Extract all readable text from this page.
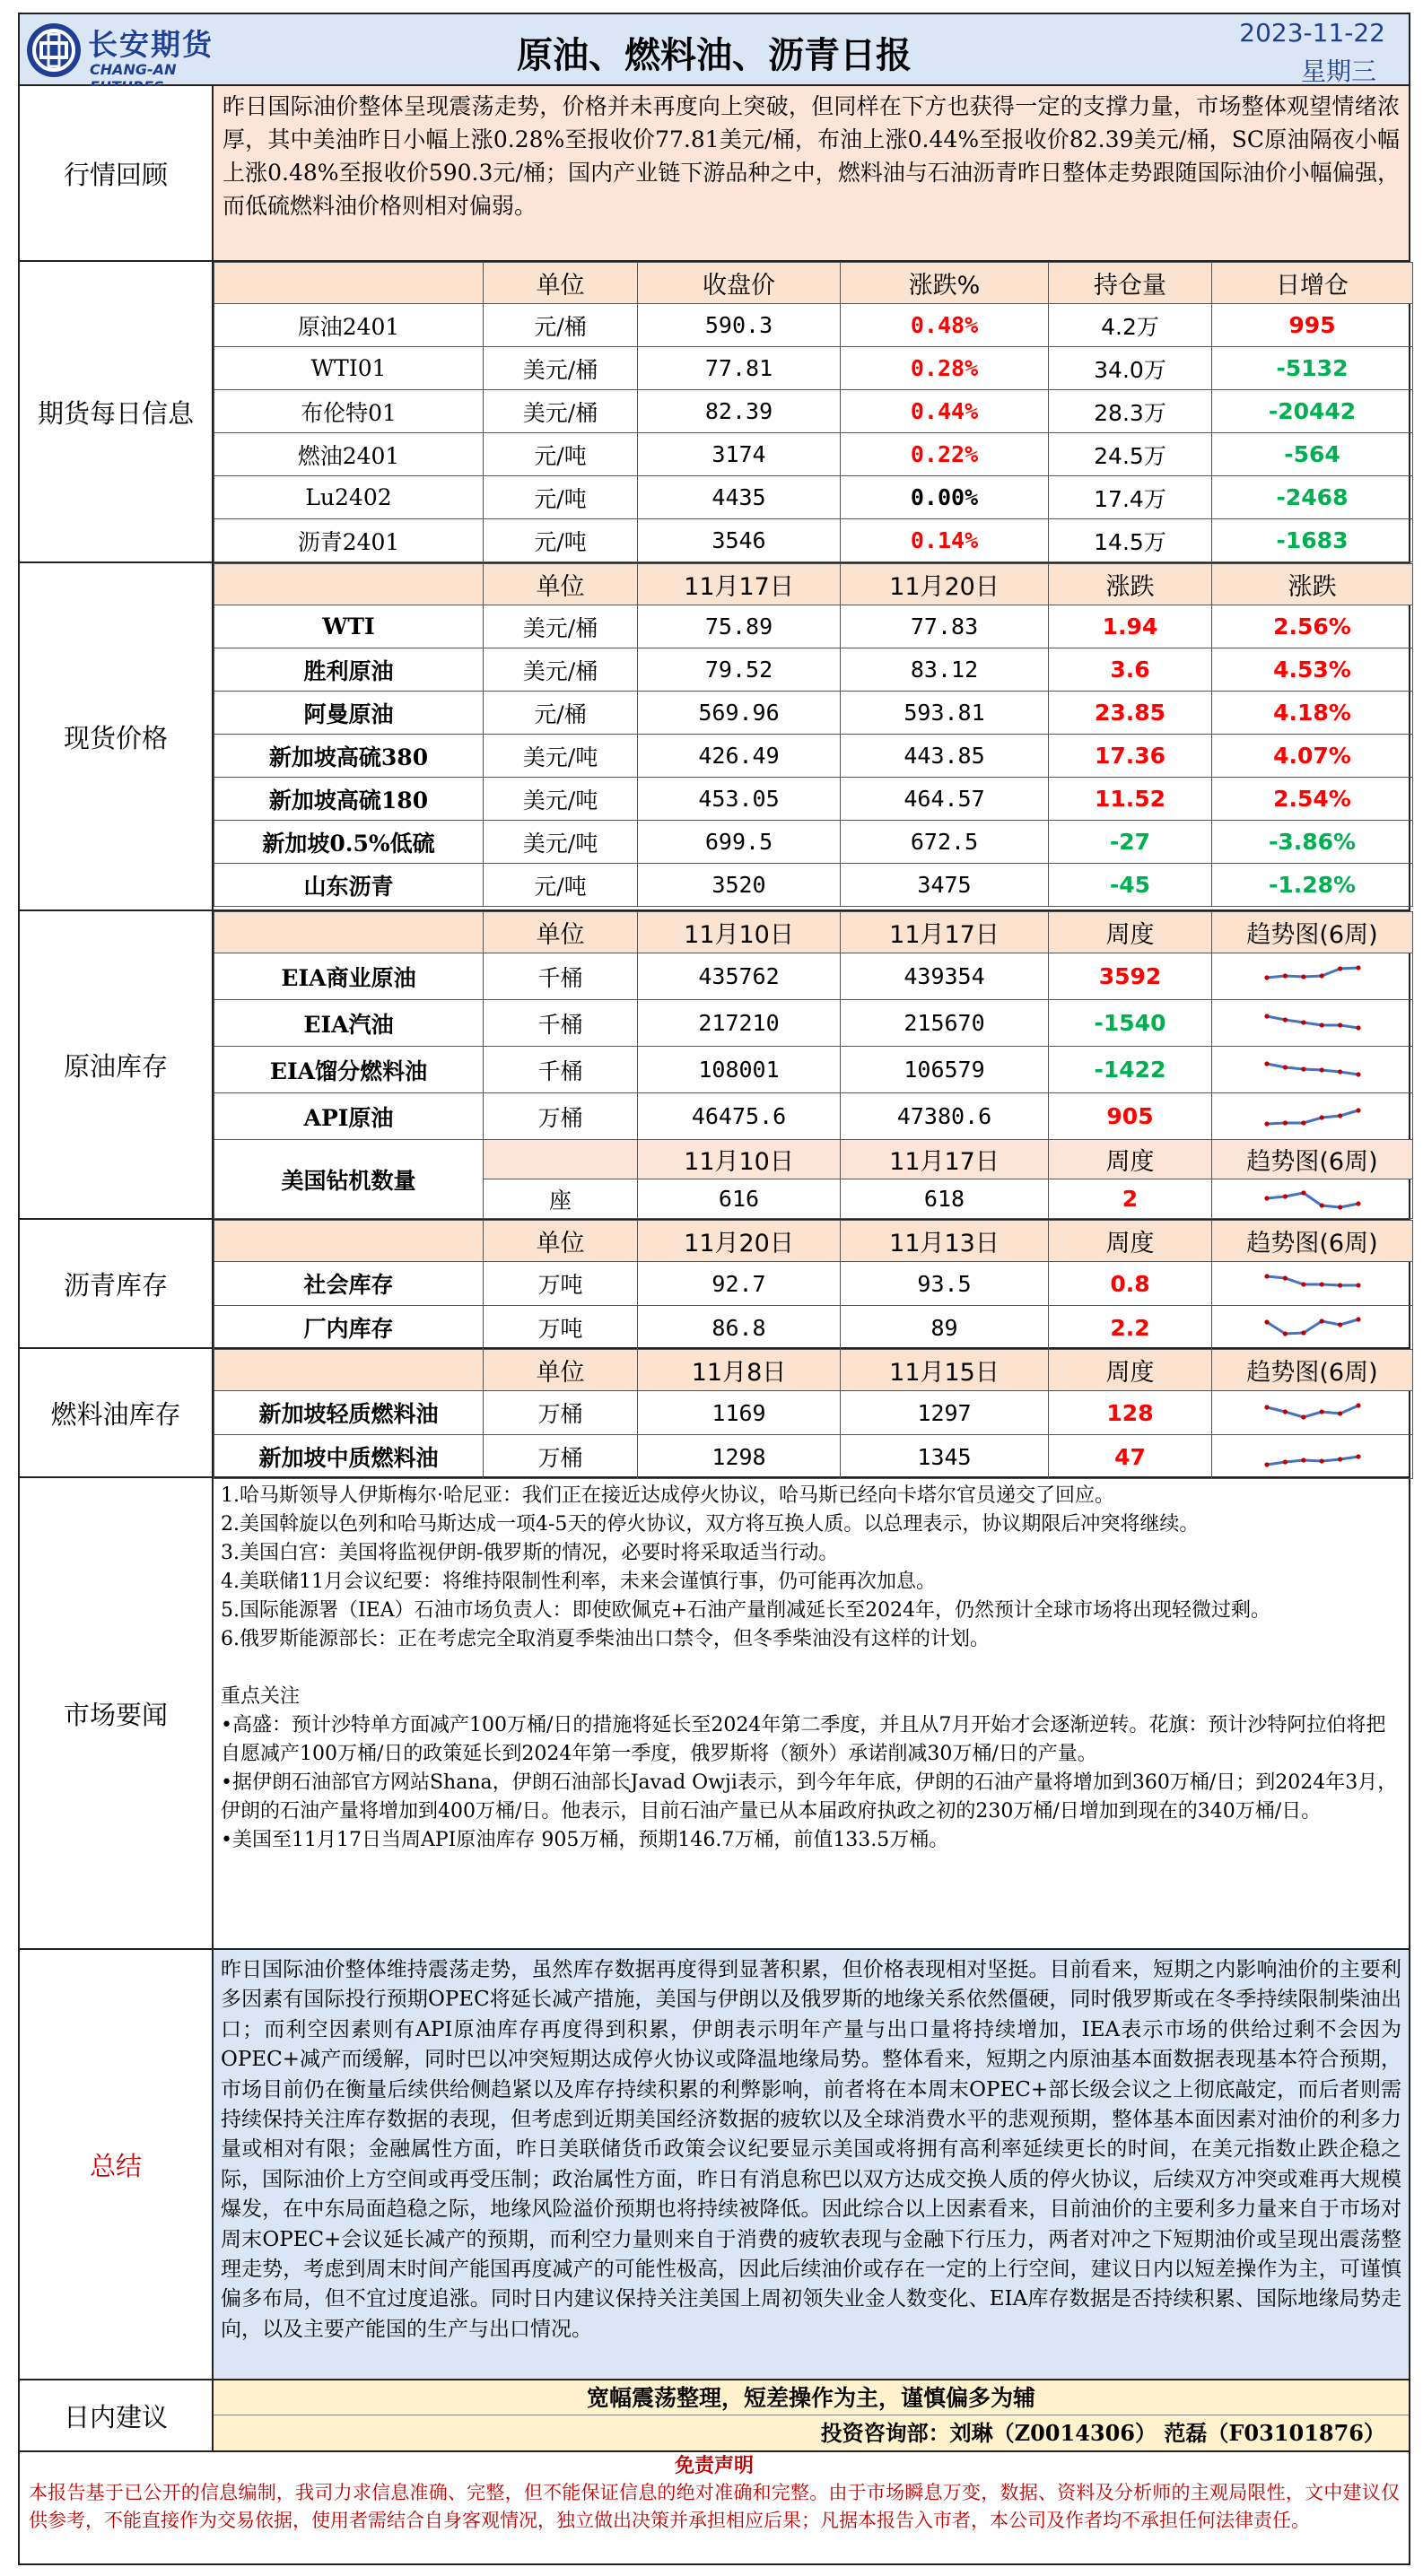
长安期货
CHANG-AN	原油、燃料油、沥青日报
2023-11-22
星期三
行情回顾
昨日国际油价整体呈现震荡走势，价格并未再度向上突破，但同样在下方也获得一定的支撑力量，市场整体观望情绪浓厚，其中美油昨日小幅上涨0.28%至报收价77.81美元/桶，布油上涨0.44%至报收价82.39美元/桶，SC原油隔夜小幅上涨0.48%至报收价590.3元/桶；国内产业链下游品种之中，燃料油与石油沥青昨日整体走势跟随国际油价小幅偏强，而低硫燃料油价格则相对偏弱。
期货每日信息
	单位	收盘价	涨跌%	持仓量	日增仓
原油2401	元/桶	590.3	0.48%	4.2万	995
WTI01	美元/桶	77.81	0.28%	34.0万	-5132
布伦特01	美元/桶	82.39	0.44%	28.3万	-20442
燃油2401	元/吨	3174	0.22%	24.5万	-564
Lu2402	元/吨	4435	0.00%	17.4万	-2468
沥青2401	元/吨	3546	0.14%	14.5万	-1683
现货价格
	单位	11月17日	11月20日	涨跌	涨跌
WTI	美元/桶	75.89	77.83	1.94	2.56%
胜利原油	美元/桶	79.52	83.12	3.6	4.53%
阿曼原油	元/桶	569.96	593.81	23.85	4.18%
新加坡高硫380	美元/吨	426.49	443.85	17.36	4.07%
新加坡高硫180	美元/吨	453.05	464.57	11.52	2.54%
新加坡0.5%低硫	美元/吨	699.5	672.5	-27	-3.86%
山东沥青	元/吨	3520	3475	-45	-1.28%
原油库存
	单位	11月10日	11月17日	周度	趋势图(6周)
EIA商业原油	千桶	435762	439354	3592	

EIA汽油	千桶	217210	215670	-1540	

EIA馏分燃料油	千桶	108001	106579	-1422	

API原油	万桶	46475.6	47380.6	905	

美国钻机数量		11月10日	11月17日	周度	趋势图(6周)
	座	616	618	2	
沥青库存
	单位	11月20日	11月13日	周度	趋势图(6周)
社会库存	万吨	92.7	93.5	0.8	

厂内库存	万吨	86.8	89	2.2	
燃料油库存
	单位	11月8日	11月15日	周度	趋势图(6周)
新加坡轻质燃料油	万桶	1169	1297	128	

新加坡中质燃料油	万桶	1298	1345	47	
市场要闻
1.哈马斯领导人伊斯梅尔·哈尼亚：我们正在接近达成停火协议，哈马斯已经向卡塔尔官员递交了回应。
2.美国斡旋以色列和哈马斯达成一项4-5天的停火协议，双方将互换人质。以总理表示，协议期限后冲突将继续。
3.美国白宫：美国将监视伊朗-俄罗斯的情况，必要时将采取适当行动。
4.美联储11月会议纪要：将维持限制性利率，未来会谨慎行事，仍可能再次加息。
5.国际能源署（IEA）石油市场负责人：即使欧佩克+石油产量削减延长至2024年，仍然预计全球市场将出现轻微过剩。
6.俄罗斯能源部长：正在考虑完全取消夏季柴油出口禁令，但冬季柴油没有这样的计划。
重点关注
•高盛：预计沙特单方面减产100万桶/日的措施将延长至2024年第二季度，并且从7月开始才会逐渐逆转。花旗：预计沙特阿拉伯将把自愿减产100万桶/日的政策延长到2024年第一季度，俄罗斯将（额外）承诺削减30万桶/日的产量。
•据伊朗石油部官方网站Shana，伊朗石油部长Javad Owji表示，到今年年底，伊朗的石油产量将增加到360万桶/日；到2024年3月，伊朗的石油产量将增加到400万桶/日。他表示，目前石油产量已从本届政府执政之初的230万桶/日增加到现在的340万桶/日。
•美国至11月17日当周API原油库存 905万桶，预期146.7万桶，前值133.5万桶。
总结
昨日国际油价整体维持震荡走势，虽然库存数据再度得到显著积累，但价格表现相对坚挺。目前看来，短期之内影响油价的主要利多因素有国际投行预期OPEC将延长减产措施，美国与伊朗以及俄罗斯的地缘关系依然僵硬，同时俄罗斯或在冬季持续限制柴油出口；而利空因素则有API原油库存再度得到积累，伊朗表示明年产量与出口量将持续增加，IEA表示市场的供给过剩不会因为OPEC+减产而缓解，同时巴以冲突短期达成停火协议或降温地缘局势。整体看来，短期之内原油基本面数据表现基本符合预期，市场目前仍在衡量后续供给侧趋紧以及库存持续积累的利弊影响，前者将在本周末OPEC+部长级会议之上彻底敲定，而后者则需持续保持关注库存数据的表现，但考虑到近期美国经济数据的疲软以及全球消费水平的悲观预期，整体基本面因素对油价的利多力量或相对有限；金融属性方面，昨日美联储货币政策会议纪要显示美国或将拥有高利率延续更长的时间，在美元指数止跌企稳之际，国际油价上方空间或再受压制；政治属性方面，昨日有消息称巴以双方达成交换人质的停火协议，后续双方冲突或难再大规模爆发，在中东局面趋稳之际，地缘风险溢价预期也将持续被降低。因此综合以上因素看来，目前油价的主要利多力量来自于市场对周末OPEC+会议延长减产的预期，而利空力量则来自于消费的疲软表现与金融下行压力，两者对冲之下短期油价或呈现出震荡整理走势，考虑到周末时间产能国再度减产的可能性极高，因此后续油价或存在一定的上行空间，建议日内以短差操作为主，可谨慎偏多布局，但不宜过度追涨。同时日内建议保持关注美国上周初领失业金人数变化、EIA库存数据是否持续积累、国际地缘局势走向，以及主要产能国的生产与出口情况。
日内建议
宽幅震荡整理，短差操作为主，谨慎偏多为辅
投资咨询部：刘琳（Z0014306） 范磊（F03101876）
免责声明
本报告基于已公开的信息编制，我司力求信息准确、完整，但不能保证信息的绝对准确和完整。由于市场瞬息万变，数据、资料及分析师的主观局限性，文中建议仅供参考，不能直接作为交易依据，使用者需结合自身客观情况，独立做出决策并承担相应后果；凡据本报告入市者，本公司及作者均不承担任何法律责任。
